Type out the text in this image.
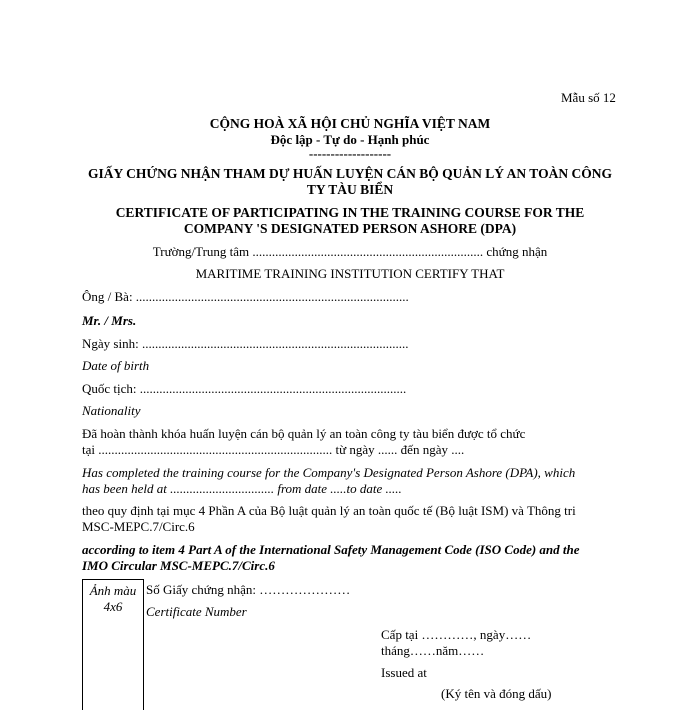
Mẫu số 12
CỘNG HOÀ XÃ HỘI CHỦ NGHĨA VIỆT NAM
Độc lập - Tự do - Hạnh phúc
-------------------
GIẤY CHỨNG NHẬN THAM DỰ HUẤN LUYỆN CÁN BỘ QUẢN LÝ AN TOÀN CÔNG
TY TÀU BIỂN
CERTIFICATE OF PARTICIPATING IN THE TRAINING COURSE FOR THE
COMPANY 'S DESIGNATED PERSON ASHORE (DPA)
Trường/Trung tâm ....................................................................... chứng nhận
MARITIME TRAINING INSTITUTION CERTIFY THAT
Ông / Bà: ....................................................................................
Mr. / Mrs.
Ngày sinh: ..................................................................................
Date of birth
Quốc tịch: ..................................................................................
Nationality
Đã hoàn thành khóa huấn luyện cán bộ quản lý an toàn công ty tàu biển được tổ chức
tại ........................................................................ từ ngày ...... đến ngày ....
Has completed the training course for the Company's Designated Person Ashore (DPA), which
has been held at ................................ from date .....to date .....
theo quy định tại mục 4 Phần A của Bộ luật quản lý an toàn quốc tế (Bộ luật ISM) và Thông tri
MSC-MEPC.7/Circ.6
according to item 4 Part A of the International Safety Management Code (ISO Code) and the
IMO Circular MSC-MEPC.7/Circ.6
Ảnh màu
4x6
Số Giấy chứng nhận: …………………
Certificate Number
Cấp tại …………, ngày……
tháng……năm……
Issued at
(Ký tên và đóng dấu)
